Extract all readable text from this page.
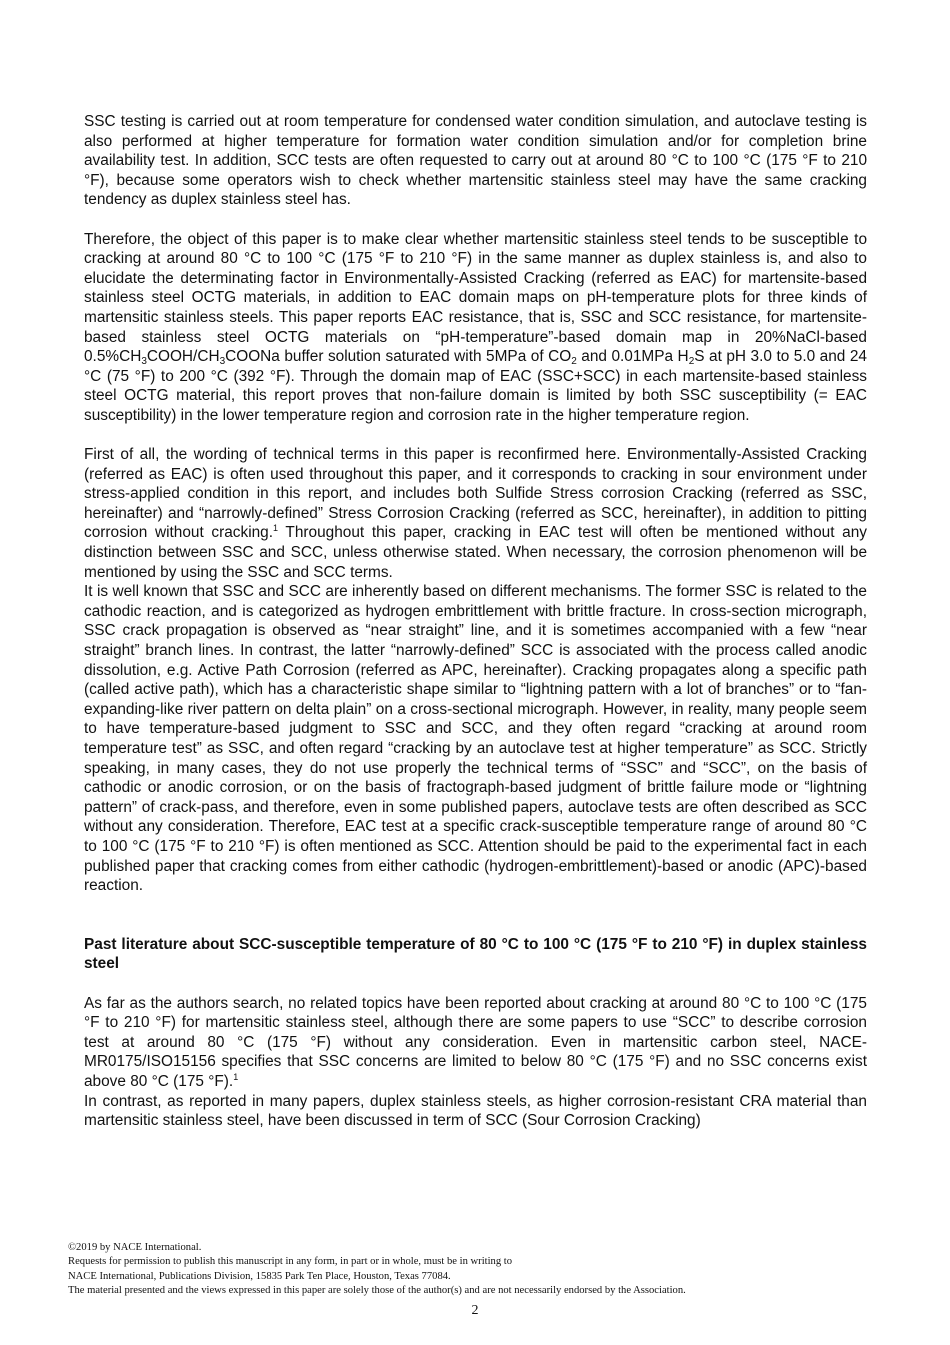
SSC testing is carried out at room temperature for condensed water condition simulation, and autoclave testing is also performed at higher temperature for formation water condition simulation and/or for completion brine availability test. In addition, SCC tests are often requested to carry out at around 80 °C to 100 °C (175 °F to 210 °F), because some operators wish to check whether martensitic stainless steel may have the same cracking tendency as duplex stainless steel has.

Therefore, the object of this paper is to make clear whether martensitic stainless steel tends to be susceptible to cracking at around 80 °C to 100 °C (175 °F to 210 °F) in the same manner as duplex stainless is, and also to elucidate the determinating factor in Environmentally-Assisted Cracking (referred as EAC) for martensite-based stainless steel OCTG materials, in addition to EAC domain maps on pH-temperature plots for three kinds of martensitic stainless steels. This paper reports EAC resistance, that is, SSC and SCC resistance, for martensite-based stainless steel OCTG materials on “pH-temperature”-based domain map in 20%NaCl-based $0.5\%CH_3COOH/CH_3COONa$ buffer solution saturated with 5MPa of $CO_2$ and 0.01MPa $H_2S$ at pH 3.0 to 5.0 and 24 °C (75 °F) to 200 °C (392 °F). Through the domain map of EAC (SSC+SCC) in each martensite-based stainless steel OCTG material, this report proves that non-failure domain is limited by both SSC susceptibility (= EAC susceptibility) in the lower temperature region and corrosion rate in the higher temperature region.

First of all, the wording of technical terms in this paper is reconfirmed here. Environmentally-Assisted Cracking (referred as EAC) is often used throughout this paper, and it corresponds to cracking in sour environment under stress-applied condition in this report, and includes both Sulfide Stress corrosion Cracking (referred as SSC, hereinafter) and “narrowly-defined” Stress Corrosion Cracking (referred as SCC, hereinafter), in addition to pitting corrosion without cracking.$^1$ Throughout this paper, cracking in EAC test will often be mentioned without any distinction between SSC and SCC, unless otherwise stated. When necessary, the corrosion phenomenon will be mentioned by using the SSC and SCC terms.

It is well known that SSC and SCC are inherently based on different mechanisms. The former SSC is related to the cathodic reaction, and is categorized as hydrogen embrittlement with brittle fracture. In cross-section micrograph, SSC crack propagation is observed as “near straight” line, and it is sometimes accompanied with a few “near straight” branch lines. In contrast, the latter “narrowly-defined” SCC is associated with the process called anodic dissolution, e.g. Active Path Corrosion (referred as APC, hereinafter). Cracking propagates along a specific path (called active path), which has a characteristic shape similar to “lightning pattern with a lot of branches” or to “fan-expanding-like river pattern on delta plain” on a cross-sectional micrograph. However, in reality, many people seem to have temperature-based judgment to SSC and SCC, and they often regard “cracking at around room temperature test” as SSC, and often regard “cracking by an autoclave test at higher temperature” as SCC. Strictly speaking, in many cases, they do not use properly the technical terms of “SSC” and “SCC”, on the basis of cathodic or anodic corrosion, or on the basis of fractograph-based judgment of brittle failure mode or “lightning pattern” of crack-pass, and therefore, even in some published papers, autoclave tests are often described as SCC without any consideration. Therefore, EAC test at a specific crack-susceptible temperature range of around 80 °C to 100 °C (175 °F to 210 °F) is often mentioned as SCC. Attention should be paid to the experimental fact in each published paper that cracking comes from either cathodic (hydrogen-embrittlement)-based or anodic (APC)-based reaction.

Past literature about SCC-susceptible temperature of 80 °C to 100 °C (175 °F to 210 °F) in duplex stainless steel

As far as the authors search, no related topics have been reported about cracking at around 80 °C to 100 °C (175 °F to 210 °F) for martensitic stainless steel, although there are some papers to use “SCC” to describe corrosion test at around 80 °C (175 °F) without any consideration. Even in martensitic carbon steel, NACE-MR0175/ISO15156 specifies that SSC concerns are limited to below 80 °C (175 °F) and no SSC concerns exist above 80 °C (175 °F).$^1$

In contrast, as reported in many papers, duplex stainless steels, as higher corrosion-resistant CRA material than martensitic stainless steel, have been discussed in term of SCC (Sour Corrosion Cracking)

©2019 by NACE International.
Requests for permission to publish this manuscript in any form, in part or in whole, must be in writing to
NACE International, Publications Division, 15835 Park Ten Place, Houston, Texas 77084.
The material presented and the views expressed in this paper are solely those of the author(s) and are not necessarily endorsed by the Association.
2
